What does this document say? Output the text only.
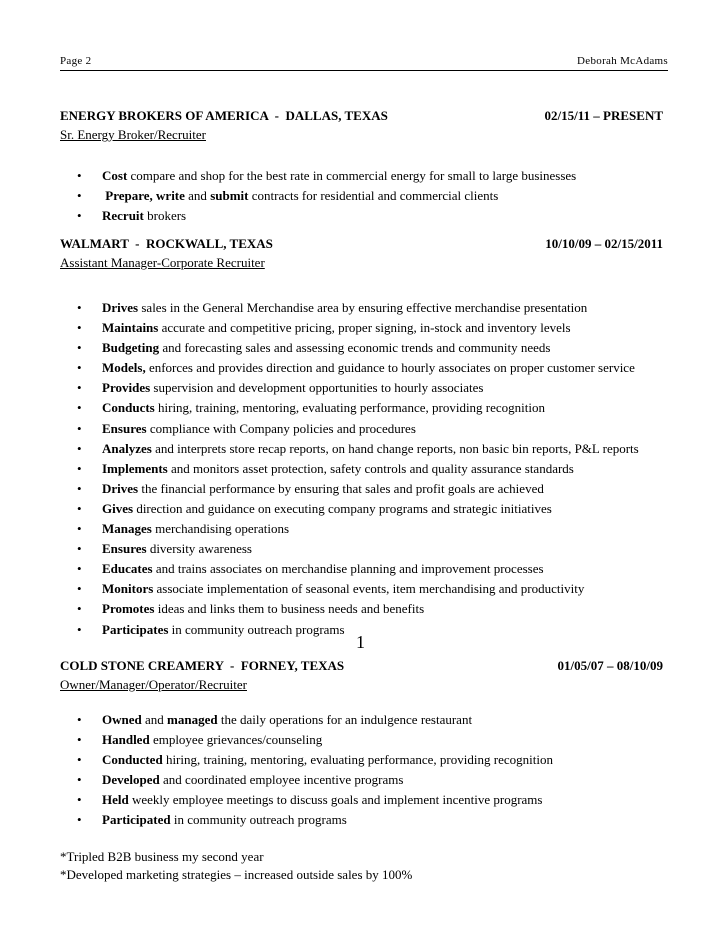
Page 2	Deborah McAdams
ENERGY BROKERS OF AMERICA  -  DALLAS, TEXAS	02/15/11 – PRESENT
Sr. Energy Broker/Recruiter
• Cost compare and shop for the best rate in commercial energy for small to large businesses
• Prepare, write and submit contracts for residential and commercial clients
• Recruit brokers
WALMART  -  ROCKWALL, TEXAS	10/10/09 – 02/15/2011
Assistant Manager-Corporate Recruiter
• Drives sales in the General Merchandise area by ensuring effective merchandise presentation
• Maintains accurate and competitive pricing, proper signing, in-stock and inventory levels
• Budgeting and forecasting sales and assessing economic trends and community needs
• Models, enforces and provides direction and guidance to hourly associates on proper customer service
• Provides supervision and development opportunities to hourly associates
• Conducts hiring, training, mentoring, evaluating performance, providing recognition
• Ensures compliance with Company policies and procedures
• Analyzes and interprets store recap reports, on hand change reports, non basic bin reports, P&L reports
• Implements and monitors asset protection, safety controls and quality assurance standards
• Drives the financial performance by ensuring that sales and profit goals are achieved
• Gives direction and guidance on executing company programs and strategic initiatives
• Manages merchandising operations
• Ensures diversity awareness
• Educates and trains associates on merchandise planning and improvement processes
• Monitors associate implementation of seasonal events, item merchandising and productivity
• Promotes ideas and links them to business needs and benefits
• Participates in community outreach programs
1
COLD STONE CREAMERY  -  FORNEY, TEXAS	01/05/07 – 08/10/09
Owner/Manager/Operator/Recruiter
• Owned and managed the daily operations for an indulgence restaurant
• Handled employee grievances/counseling
• Conducted hiring, training, mentoring, evaluating performance, providing recognition
• Developed and coordinated employee incentive programs
• Held weekly employee meetings to discuss goals and implement incentive programs
• Participated in community outreach programs
*Tripled B2B business my second year
*Developed marketing strategies – increased outside sales by 100%
